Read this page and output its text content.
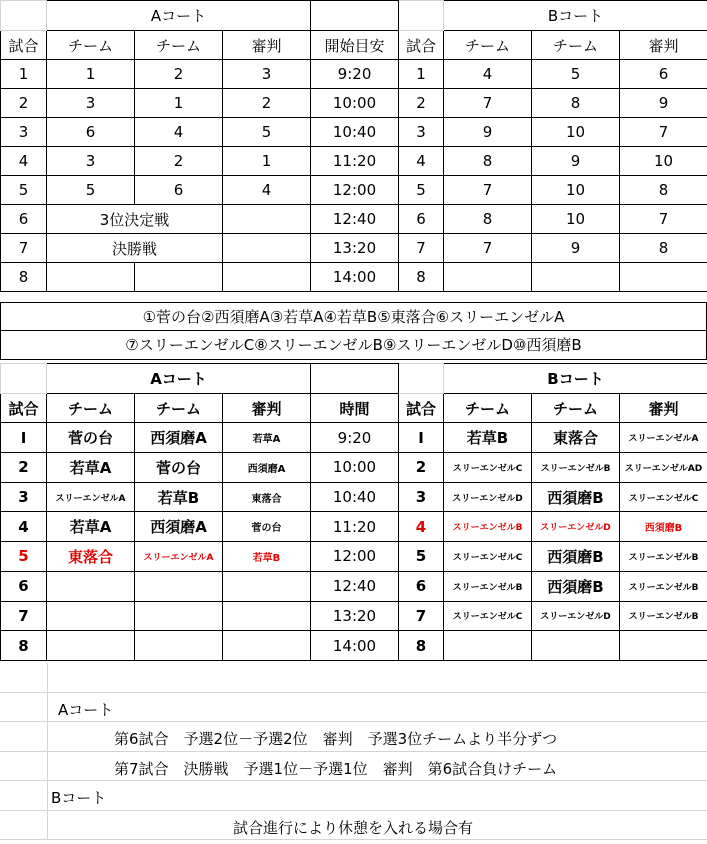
	Aコート					Bコート		
試合	チーム	チーム	審判	開始目安	試合	チーム	チーム	審判
1	1	2	3	9:20	1	4	5	6
2	3	1	2	10:00	2	7	8	9
3	6	4	5	10:40	3	9	10	7
4	3	2	1	11:20	4	8	9	10
5	5	6	4	12:00	5	7	10	8
6	3位決定戦			12:40	6	8	10	7
7	決勝戦			13:20	7	7	9	8
8				14:00	8			
①菅の台②西須磨A③若草A④若草B⑤東落合⑥スリーエンゼルA
⑦スリーエンゼルC⑧スリーエンゼルB⑨スリーエンゼルD⑩西須磨B
	Aコート					Bコート		
試合	チーム	チーム	審判	時間	試合	チーム	チーム	審判
Ⅰ	菅の台	西須磨A	若草A	9:20	Ⅰ	若草B	東落合	スリーエンゼルA
2	若草A	菅の台	西須磨A	10:00	2	スリーエンゼルC	スリーエンゼルB	スリーエンゼルAD
3	スリーエンゼルA	若草B	東落合	10:40	3	スリーエンゼルD	西須磨B	スリーエンゼルC
4	若草A	西須磨A	菅の台	11:20	4	スリーエンゼルB	スリーエンゼルD	西須磨B
5	東落合	スリーエンゼルA	若草B	12:00	5	スリーエンゼルC	西須磨B	スリーエンゼルB
6				12:40	6	スリーエンゼルB	西須磨B	スリーエンゼルB
7				13:20	7	スリーエンゼルC	スリーエンゼルD	スリーエンゼルB
8				14:00	8			
Aコート
第6試合　予選2位－予選2位　審判　予選3位チームより半分ずつ
第7試合　決勝戦　予選1位－予選1位　審判　第6試合負けチーム
Bコート
試合進行により休憩を入れる場合有
